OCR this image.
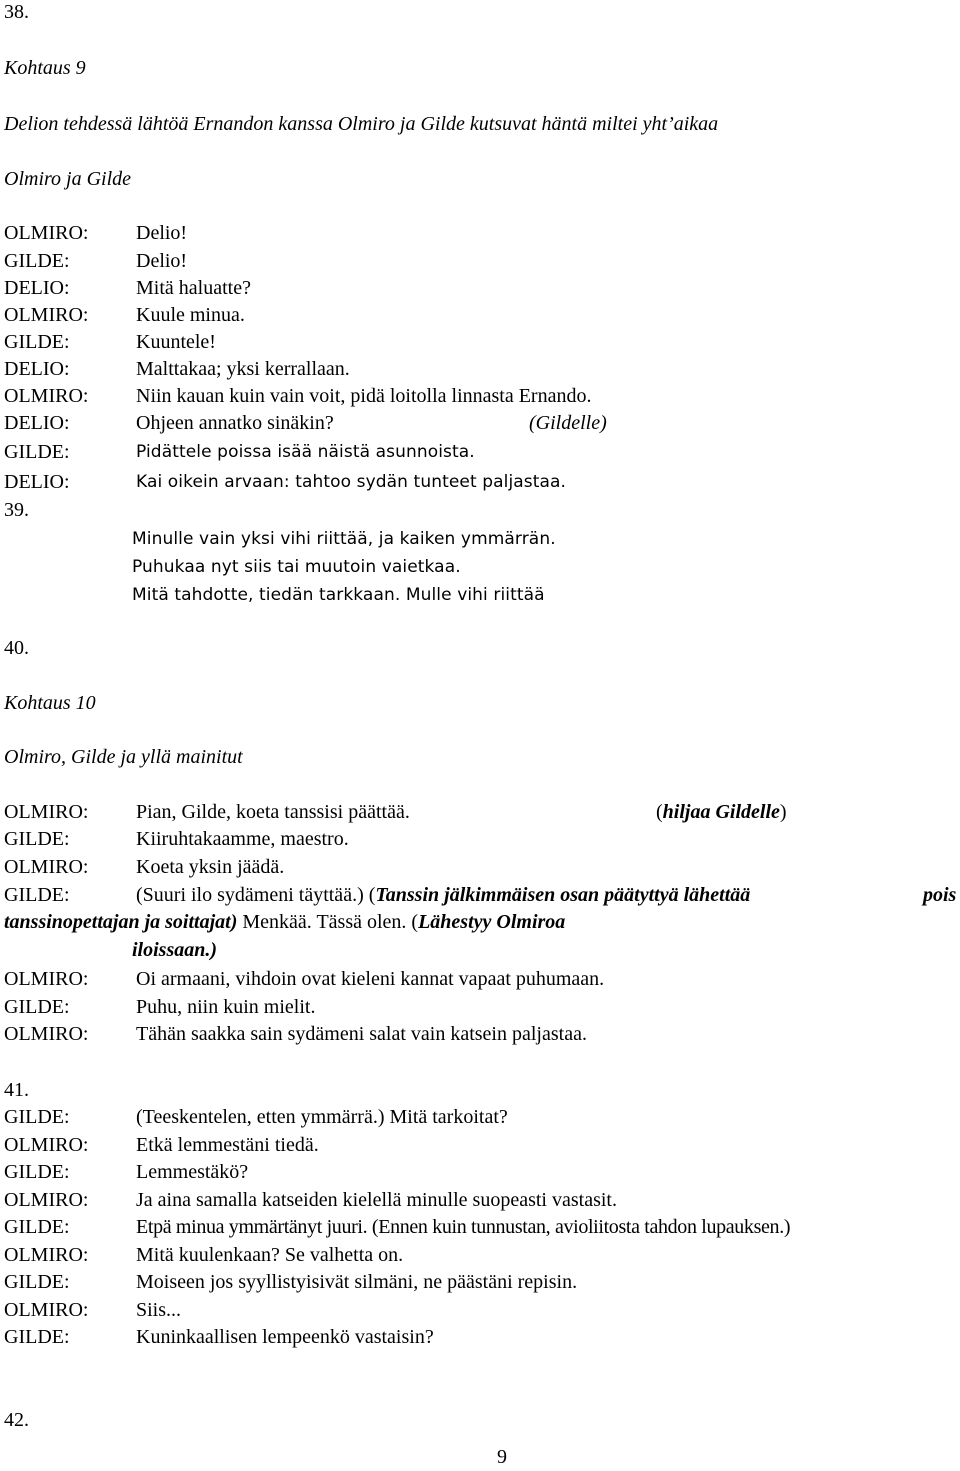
38.
Kohtaus 9
Delion tehdessä lähtöä Ernandon kanssa Olmiro ja Gilde kutsuvat häntä miltei yht’aikaa
Olmiro ja Gilde
OLMIRO: Delio!
GILDE:	Delio!
DELIO:	Mitä haluatte?
OLMIRO: Kuule minua.
GILDE:	Kuuntele!
DELIO:	Malttakaa; yksi kerrallaan.
OLMIRO: Niin kauan kuin vain voit, pidä loitolla linnasta Ernando.
DELIO:	Ohjeen annatko sinäkin?	(Gildelle)
GILDE:	Pidättele poissa isää näistä asunnoista.
DELIO:	Kai oikein arvaan: tahtoo sydän tunteet paljastaa.
39.
Minulle vain yksi vihi riittää, ja kaiken ymmärrän.
Puhukaa nyt siis tai muutoin vaietkaa.
Mitä tahdotte, tiedän tarkkaan. Mulle vihi riittää
40.
Kohtaus 10
Olmiro, Gilde ja yllä mainitut
OLMIRO: Pian, Gilde, koeta tanssisi päättää.	(hiljaa Gildelle)
GILDE:	Kiiruhtakaamme, maestro.
OLMIRO: Koeta yksin jäädä.
GILDE:	(Suuri ilo sydämeni täyttää.) (Tanssin jälkimmäisen osan päätyttyä lähettää	pois
tanssinopettajan ja soittajat) Menkää. Tässä olen. (Lähestyy Olmiroa
iloissaan.)
OLMIRO: Oi armaani, vihdoin ovat kieleni kannat vapaat puhumaan.
GILDE:	Puhu, niin kuin mielit.
OLMIRO: Tähän saakka sain sydämeni salat vain katsein paljastaa.
41.
GILDE:	(Teeskentelen, etten ymmärrä.) Mitä tarkoitat?
OLMIRO: Etkä lemmestäni tiedä.
GILDE:	Lemmestäkö?
OLMIRO: Ja aina samalla katseiden kielellä minulle suopeasti vastasit.
GILDE:	Etpä minua ymmärtänyt juuri. (Ennen kuin tunnustan, avioliitosta tahdon lupauksen.)
OLMIRO: Mitä kuulenkaan? Se valhetta on.
GILDE:	Moiseen jos syyllistyisivät silmäni, ne päästäni repisin.
OLMIRO: Siis...
GILDE:	Kuninkaallisen lempeenkö vastaisin?
42.
9
